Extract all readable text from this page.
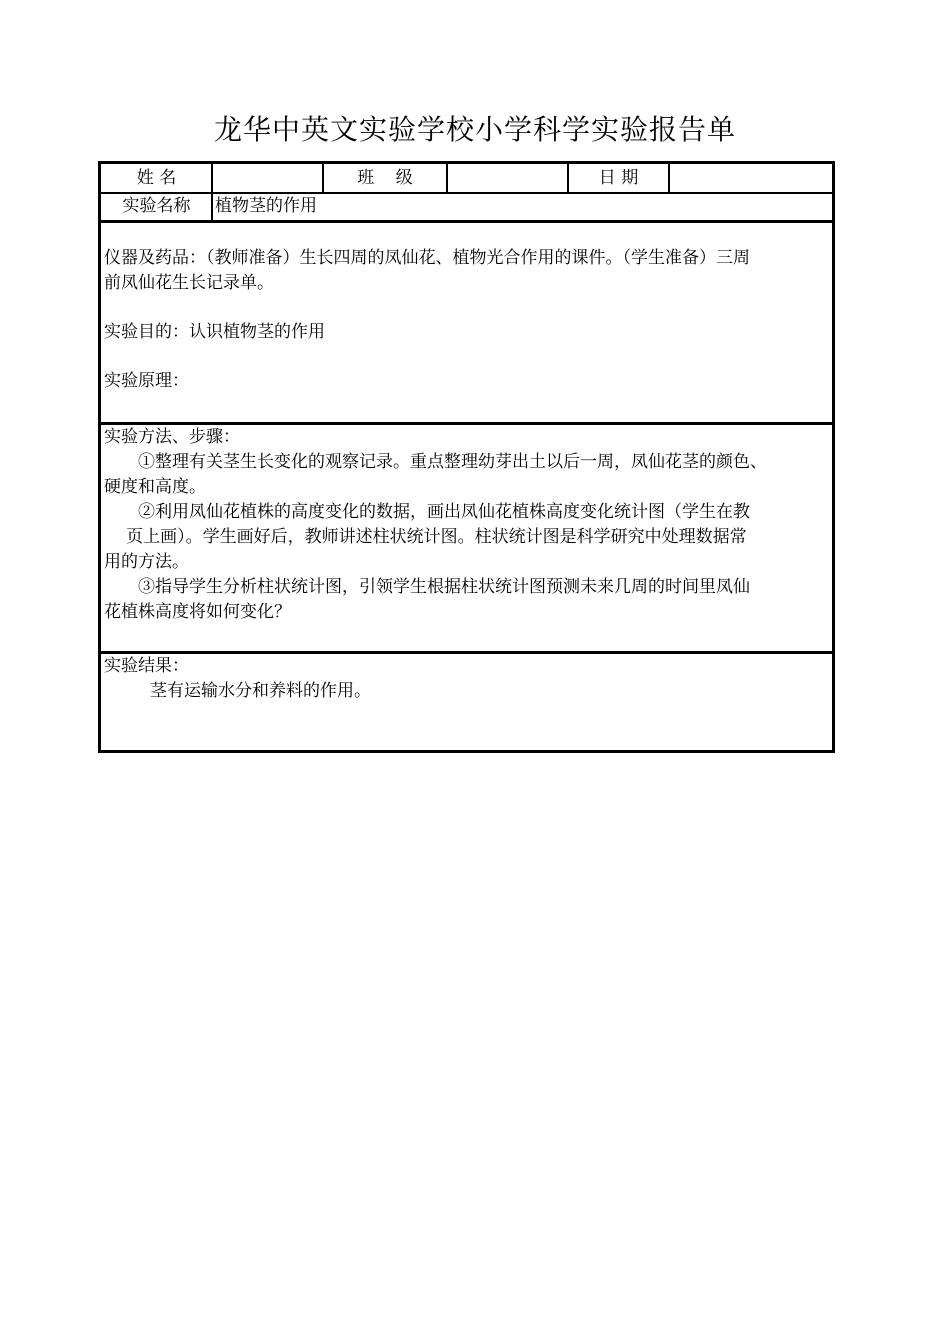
龙华中英文实验学校小学科学实验报告单
姓 名	班    级	日 期
实验名称	植物茎的作用

仪器及药品：（教师准备）生长四周的凤仙花、植物光合作用的课件。（学生准备）三周

前凤仙花生长记录单。

实验目的：认识植物茎的作用

实验原理：

实验方法、步骤：

①整理有关茎生长变化的观察记录。重点整理幼芽出土以后一周，凤仙花茎的颜色、

硬度和高度。

②利用凤仙花植株的高度变化的数据，画出凤仙花植株高度变化统计图（学生在教

页上画）。学生画好后，教师讲述柱状统计图。柱状统计图是科学研究中处理数据常

用的方法。

③指导学生分析柱状统计图，引领学生根据柱状统计图预测未来几周的时间里凤仙

花植株高度将如何变化？

实验结果：

茎有运输水分和养料的作用。
